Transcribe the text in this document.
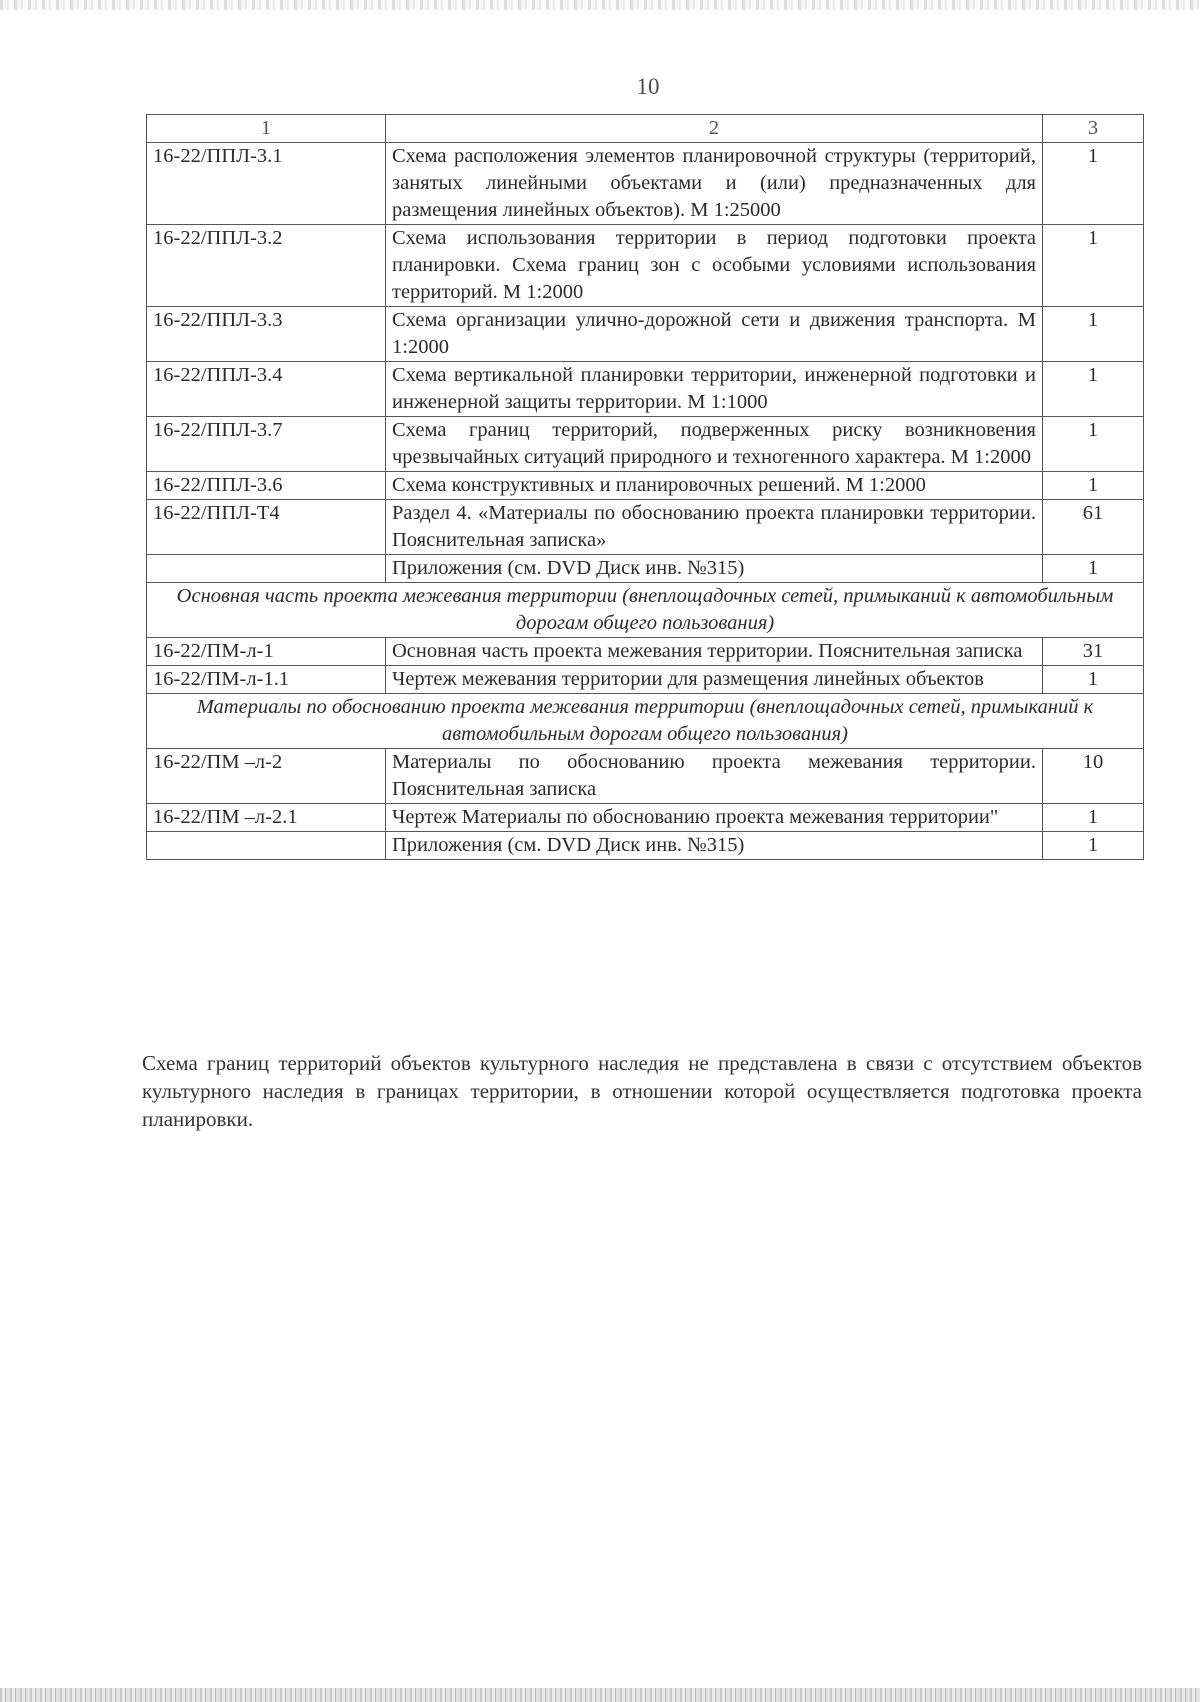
10
1	2	3
16-22/ППЛ-3.1	Схема расположения элементов планировочной структуры (территорий, занятых линейными объектами и (или) предназначенных для размещения линейных объектов). М 1:25000	1
16-22/ППЛ-3.2	Схема использования территории в период подготовки проекта планировки. Схема границ зон с особыми условиями использования территорий. М 1:2000	1
16-22/ППЛ-3.3	Схема организации улично-дорожной сети и движения транспорта. М 1:2000	1
16-22/ППЛ-3.4	Схема вертикальной планировки территории, инженерной подготовки и инженерной защиты территории. М 1:1000	1
16-22/ППЛ-3.7	Схема границ территорий, подверженных риску возникновения чрезвычайных ситуаций природного и техногенного характера. М 1:2000	1
16-22/ППЛ-3.6	Схема конструктивных и планировочных решений. М 1:2000	1
16-22/ППЛ-Т4	Раздел 4. «Материалы по обоснованию проекта планировки территории. Пояснительная записка»	61
	Приложения (см. DVD Диск инв. №315)	1
Основная часть проекта межевания территории (внеплощадочных сетей, примыканий к автомобильным дорогам общего пользования)		
16-22/ПМ-л-1	Основная часть проекта межевания территории. Пояснительная записка	31
16-22/ПМ-л-1.1	Чертеж межевания территории для размещения линейных объектов	1
Материалы по обоснованию проекта межевания территории (внеплощадочных сетей, примыканий к автомобильным дорогам общего пользования)		
16-22/ПМ –л-2	Материалы по обоснованию проекта межевания территории. Пояснительная записка	10
16-22/ПМ –л-2.1	Чертеж Материалы по обоснованию проекта межевания территории"	1
	Приложения (см. DVD Диск инв. №315)	1
Схема границ территорий объектов культурного наследия не представлена в связи с отсутствием объектов культурного наследия в границах территории, в отношении которой осуществляется подготовка проекта планировки.
